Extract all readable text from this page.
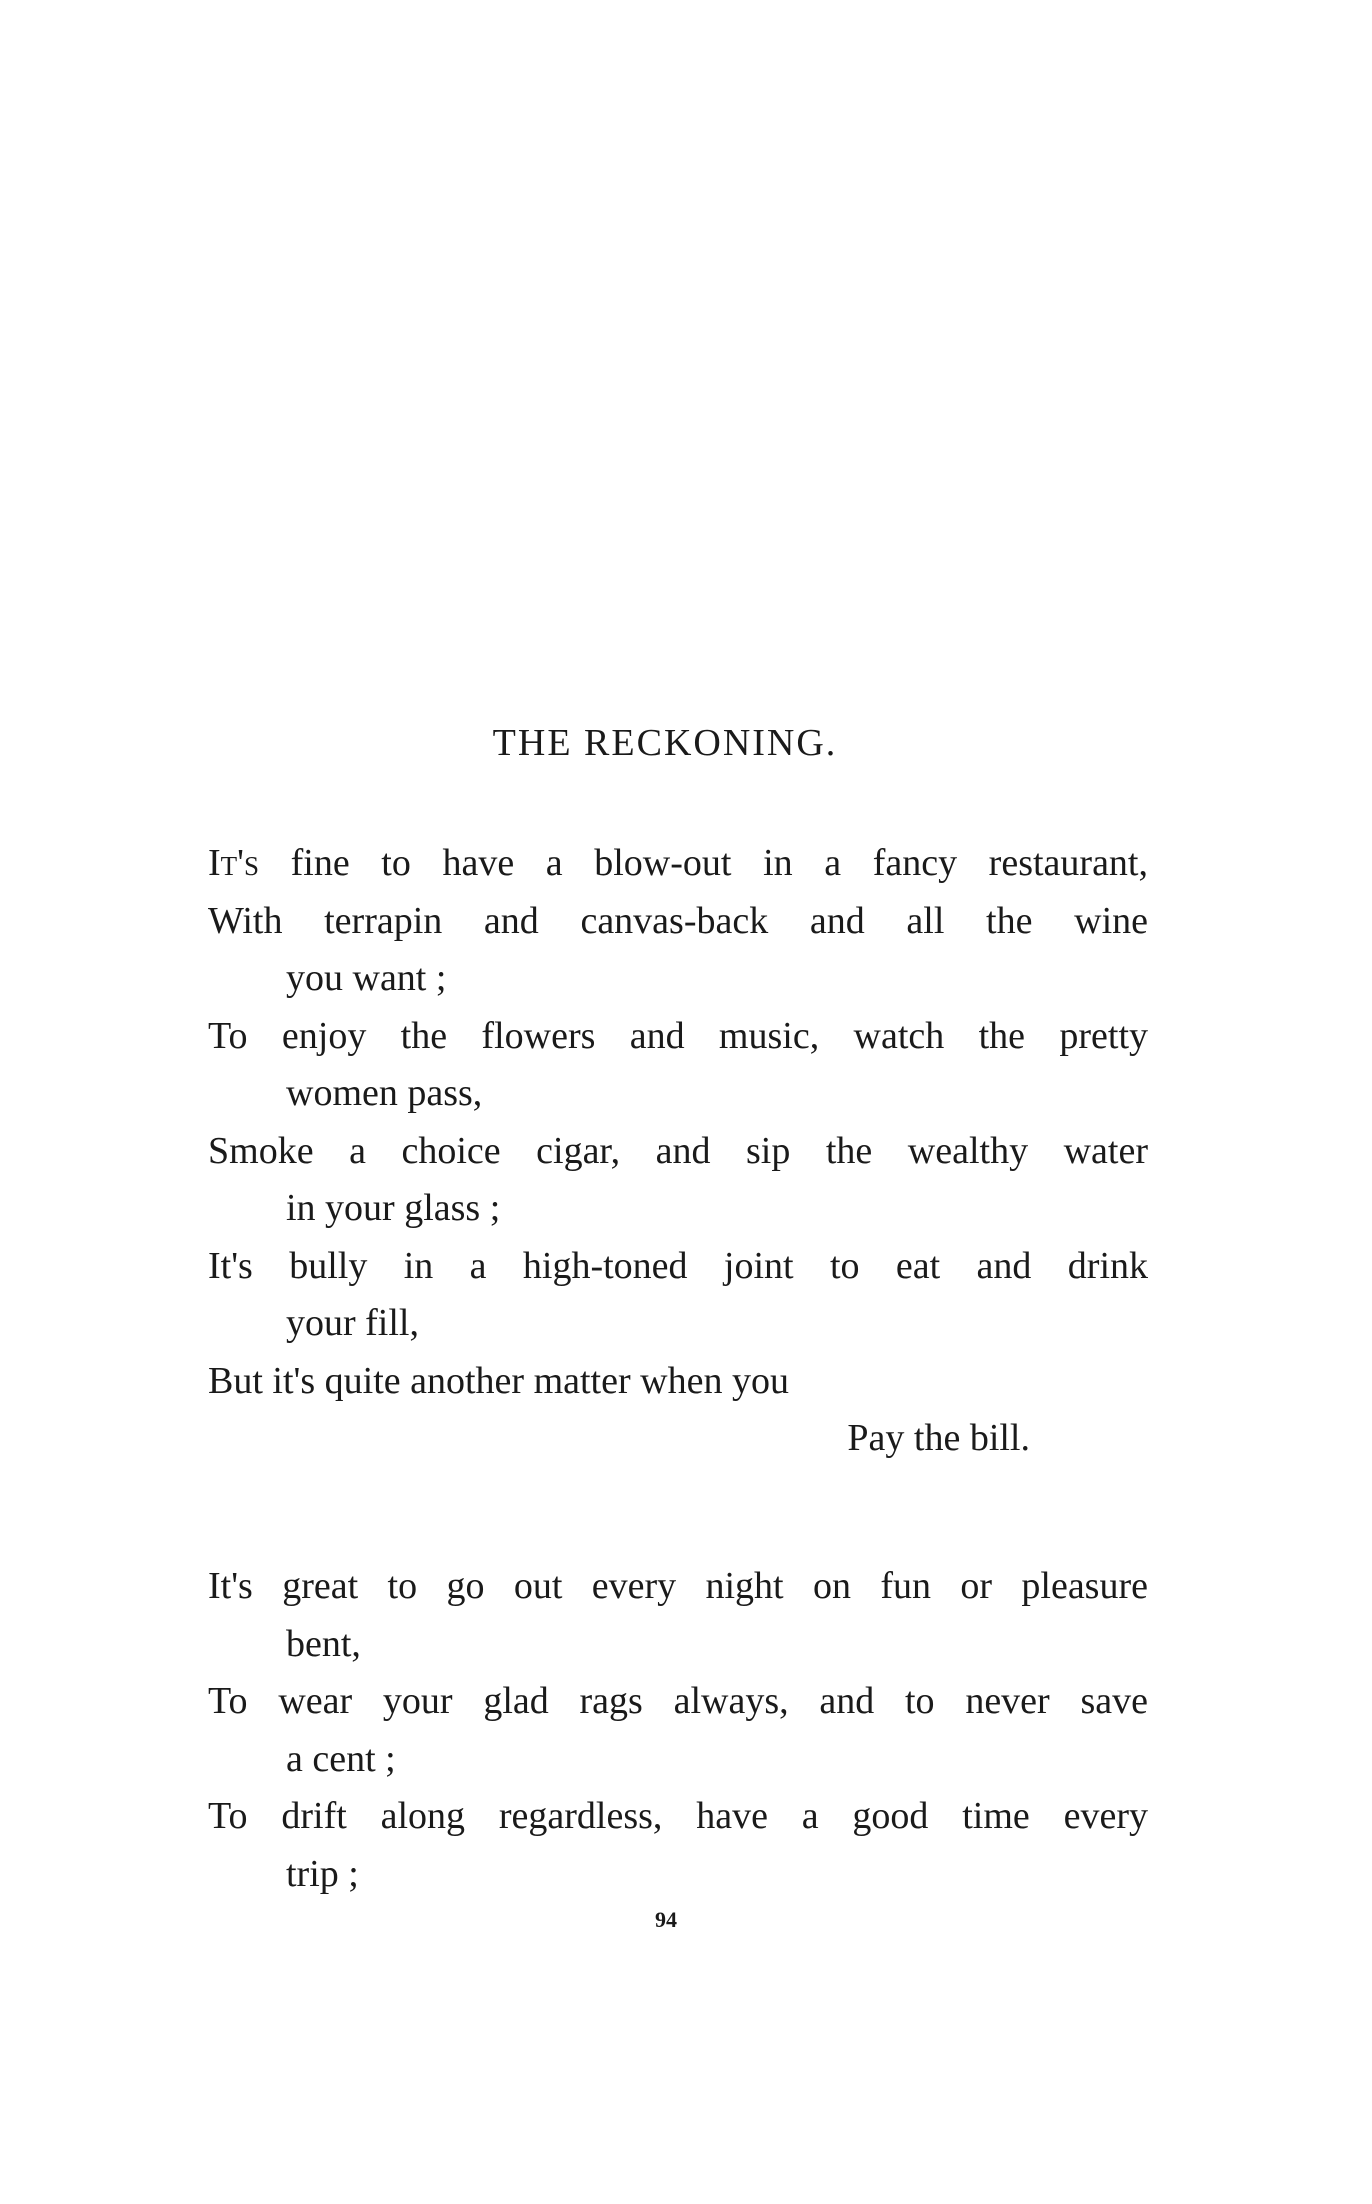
THE RECKONING.
It's fine to have a blow-out in a fancy restaurant,
With terrapin and canvas-back and all the wine
you want ;
To enjoy the flowers and music, watch the pretty
women pass,
Smoke a choice cigar, and sip the wealthy water
in your glass ;
It's bully in a high-toned joint to eat and drink
your fill,
But it's quite another matter when you
Pay the bill.
It's great to go out every night on fun or pleasure
bent,
To wear your glad rags always, and to never save
a cent ;
To drift along regardless, have a good time every
trip ;
94
